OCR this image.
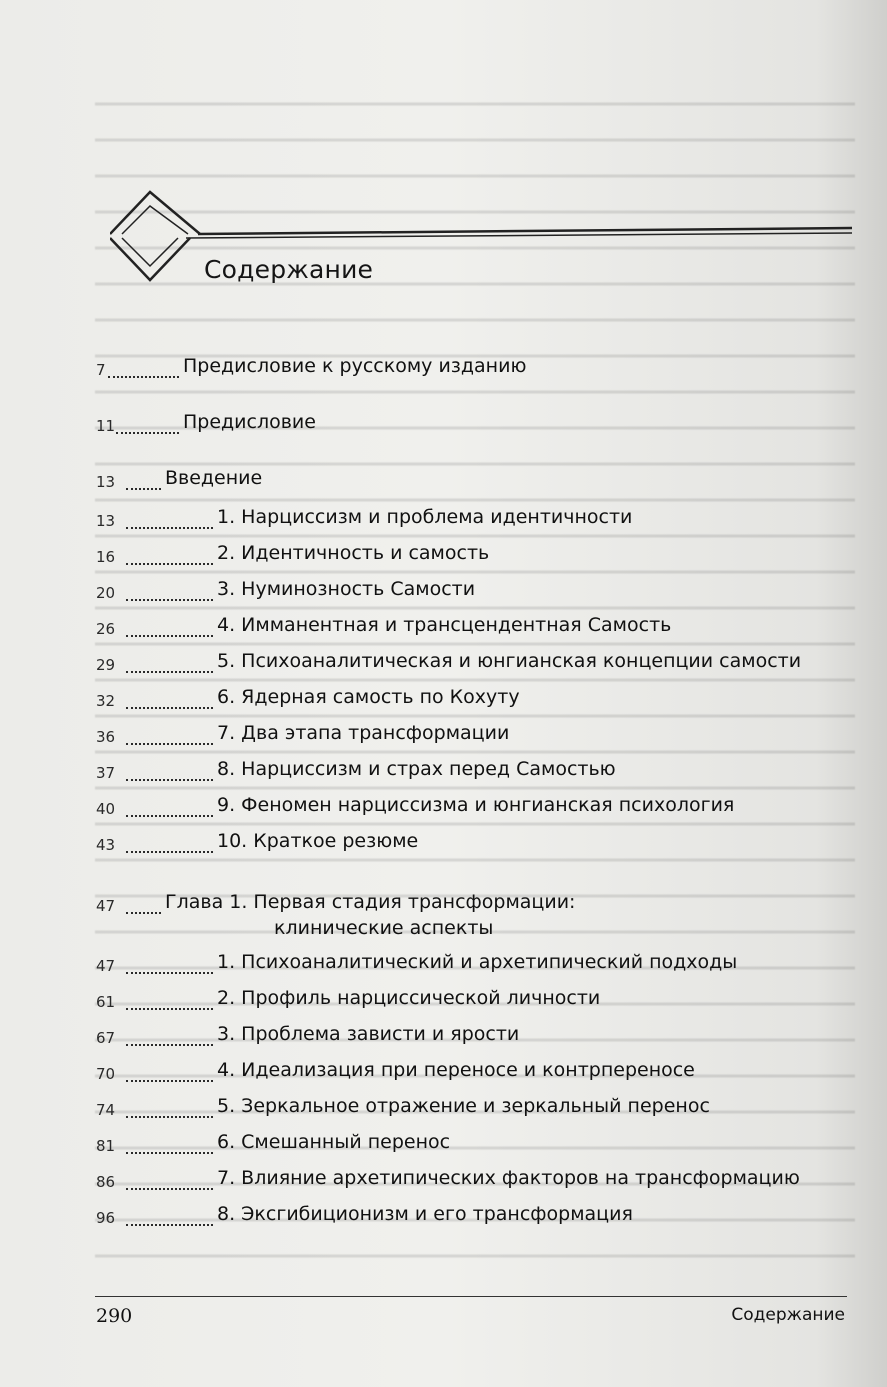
Содержание
7	Предисловие к русскому изданию
11	Предисловие
13	Введение
13	1. Нарциссизм и проблема идентичности
16	2. Идентичность и самость
20	3. Нуминозность Самости
26	4. Имманентная и трансцендентная Самость
29	5. Психоаналитическая и юнгианская концепции самости
32	6. Ядерная самость по Кохуту
36	7. Два этапа трансформации
37	8. Нарциссизм и страх перед Самостью
40	9. Феномен нарциссизма и юнгианская психология
43	10. Краткое резюме
47	Глава 1. Первая стадия трансформации:
клинические аспекты
47	1. Психоаналитический и архетипический подходы
61	2. Профиль нарциссической личности
67	3. Проблема зависти и ярости
70	4. Идеализация при переносе и контрпереносе
74	5. Зеркальное отражение и зеркальный перенос
81	6. Смешанный перенос
86	7. Влияние архетипических факторов на трансформацию
96	8. Эксгибиционизм и его трансформация
290	Содержание
